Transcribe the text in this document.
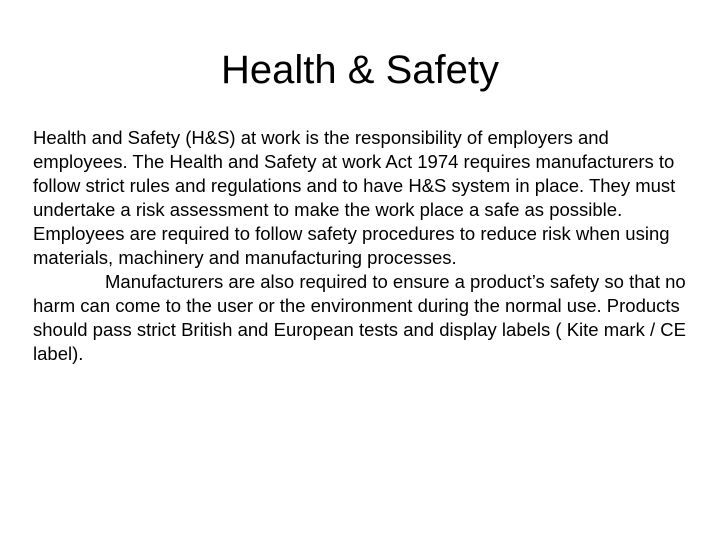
Health & Safety

Health and Safety (H&S) at work is the responsibility of employers and employees. The Health and Safety at work Act 1974 requires manufacturers to follow strict rules and regulations and to have H&S system in place. They must undertake a risk assessment to make the work place a safe as possible. Employees are required to follow safety procedures to reduce risk when using materials, machinery and manufacturing processes.

Manufacturers are also required to ensure a product’s safety so that no harm can come to the user or the environment during the normal use. Products should pass strict British and European tests and display labels ( Kite mark / CE label).
